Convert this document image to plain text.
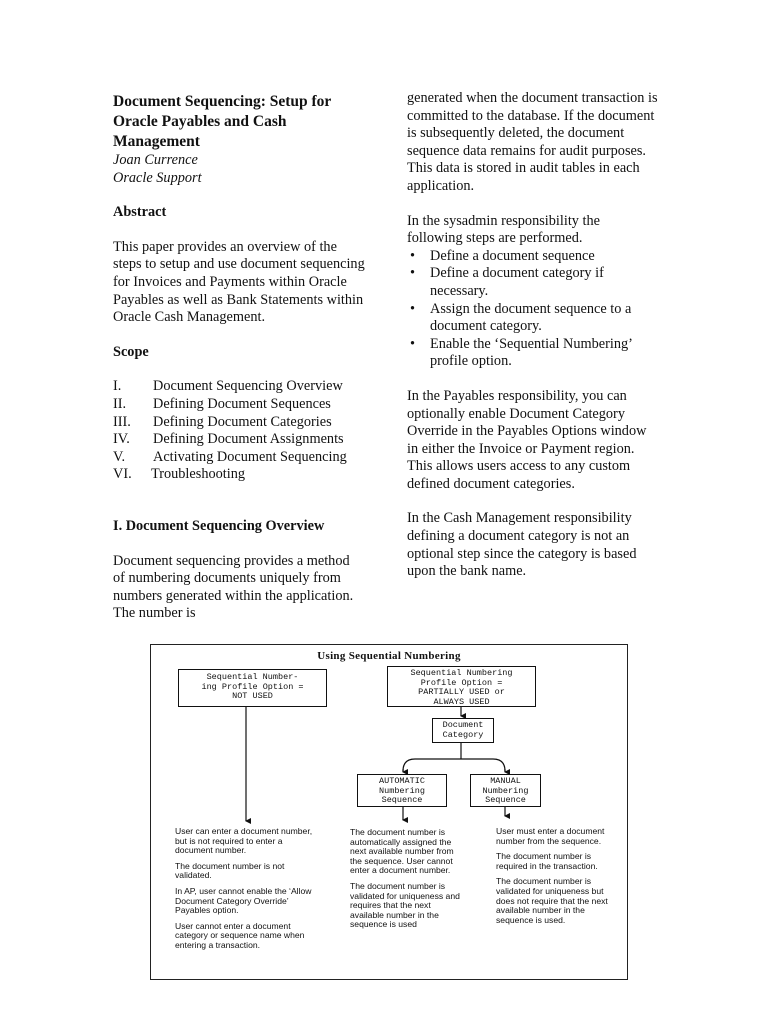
Document Sequencing: Setup for Oracle Payables and Cash Management

Joan Currence

Oracle Support

Abstract

This paper provides an overview of the steps to setup and use document sequencing for Invoices and Payments within Oracle Payables as well as Bank Statements within Oracle Cash Management.

Scope

I.	Document Sequencing Overview
II.	Defining Document Sequences
III.	Defining Document Categories
IV.	Defining Document Assignments
V.	Activating Document Sequencing
VI.	Troubleshooting

I. Document Sequencing Overview

Document sequencing provides a method of numbering documents uniquely from numbers generated within the application. The number is

generated when the document transaction is committed to the database. If the document is subsequently deleted, the document sequence data remains for audit purposes. This data is stored in audit tables in each application.

In the sysadmin responsibility the following steps are performed.

• Define a document sequence
• Define a document category if necessary.
• Assign the document sequence to a document category.
• Enable the ‘Sequential Numbering’ profile option.

In the Payables responsibility, you can optionally enable Document Category Override in the Payables Options window in either the Invoice or Payment region. This allows users access to any custom defined document categories.

In the Cash Management responsibility defining a document category is not an optional step since the category is based upon the bank name.

Using Sequential Numbering
Sequential Number-
ing Profile Option =
NOT USED
Sequential Numbering
Profile Option =
PARTIALLY USED or
ALWAYS USED
Document
Category
AUTOMATIC
Numbering
Sequence
MANUAL
Numbering
Sequence

User can enter a document number, but is not required to enter a document number.

The document number is not validated.

In AP, user cannot enable the ‘Allow Document Category Override’ Payables option.

User cannot enter a document category or sequence name when entering a transaction.

The document number is automatically assigned the next available number from the sequence. User cannot enter a document number.

The document number is validated for uniqueness and requires that the next available number in the sequence is used

User must enter a document number from the sequence.

The document number is required in the transaction.

The document number is validated for uniqueness but does not require that the next available number in the sequence is used.
